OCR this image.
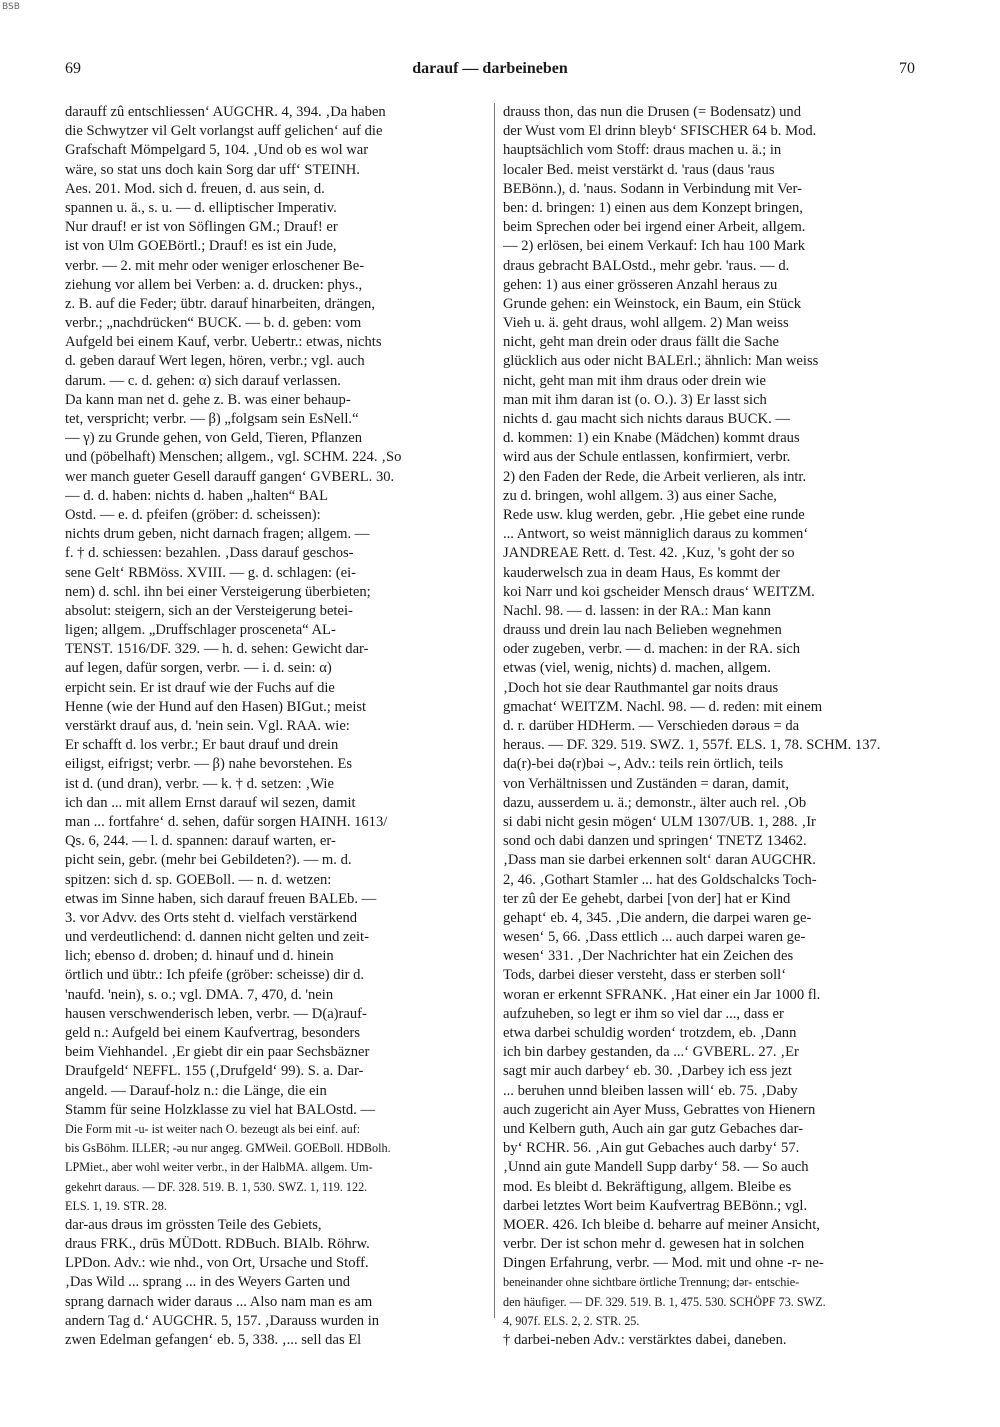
BSB
69	darauf — darbeineben	70
darauff zû entschliessen‘ AUGCHR. 4, 394. ‚Da haben
die Schwytzer vil Gelt vorlangst auff gelichen‘ auf die
Grafschaft Mömpelgard 5, 104. ‚Und ob es wol war
wäre, so stat uns doch kain Sorg dar uff‘ STEINH.
Aes. 201. Mod. sich d. freuen, d. aus sein, d.
spannen u. ä., s. u. — d. elliptischer Imperativ.
Nur drauf! er ist von Söflingen GM.; Drauf! er
ist von Ulm GOEBörtl.; Drauf! es ist ein Jude,
verbr. — 2. mit mehr oder weniger erloschener Be-
ziehung vor allem bei Verben: a. d. drucken: phys.,
z. B. auf die Feder; übtr. darauf hinarbeiten, drängen,
verbr.; „nachdrücken“ BUCK. — b. d. geben: vom
Aufgeld bei einem Kauf, verbr. Uebertr.: etwas, nichts
d. geben darauf Wert legen, hören, verbr.; vgl. auch
darum. — c. d. gehen: α) sich darauf verlassen.
Da kann man net d. gehe z. B. was einer behaup-
tet, verspricht; verbr. — β) „folgsam sein EsNell.“
— γ) zu Grunde gehen, von Geld, Tieren, Pflanzen
und (pöbelhaft) Menschen; allgem., vgl. SCHM. 224. ‚So
wer manch gueter Gesell darauff gangen‘ GVBERL. 30.
— d. d. haben: nichts d. haben „halten“ BAL
Ostd. — e. d. pfeifen (gröber: d. scheissen):
nichts drum geben, nicht darnach fragen; allgem. —
f. † d. schiessen: bezahlen. ‚Dass darauf geschos-
sene Gelt‘ RBMöss. XVIII. — g. d. schlagen: (ei-
nem) d. schl. ihn bei einer Versteigerung überbieten;
absolut: steigern, sich an der Versteigerung betei-
ligen; allgem. „Druffschlager prosceneta“ AL-
TENST. 1516/DF. 329. — h. d. sehen: Gewicht dar-
auf legen, dafür sorgen, verbr. — i. d. sein: α)
erpicht sein. Er ist drauf wie der Fuchs auf die
Henne (wie der Hund auf den Hasen) BIGut.; meist
verstärkt drauf aus, d. 'nein sein. Vgl. RAA. wie:
Er schafft d. los verbr.; Er baut drauf und drein
eiligst, eifrigst; verbr. — β) nahe bevorstehen. Es
ist d. (und dran), verbr. — k. † d. setzen: ‚Wie
ich dan ... mit allem Ernst darauf wil sezen, damit
man ... fortfahre‘ d. sehen, dafür sorgen HAINH. 1613/
Qs. 6, 244. — l. d. spannen: darauf warten, er-
picht sein, gebr. (mehr bei Gebildeten?). — m. d.
spitzen: sich d. sp. GOEBoll. — n. d. wetzen:
etwas im Sinne haben, sich darauf freuen BALEb. —
3. vor Advv. des Orts steht d. vielfach verstärkend
und verdeutlichend: d. dannen nicht gelten und zeit-
lich; ebenso d. droben; d. hinauf und d. hinein
örtlich und übtr.: Ich pfeife (gröber: scheisse) dir d.
'naufd. 'nein), s. o.; vgl. DMA. 7, 470, d. 'nein
hausen verschwenderisch leben, verbr. — D(a)rauf-
geld n.: Aufgeld bei einem Kaufvertrag, besonders
beim Viehhandel. ‚Er giebt dir ein paar Sechsbäzner
Draufgeld‘ NEFFL. 155 (‚Drufgeld‘ 99). S. a. Dar-
angeld. — Darauf-holz n.: die Länge, die ein
Stamm für seine Holzklasse zu viel hat BALOstd. —
Die Form mit -u- ist weiter nach O. bezeugt als bei einf. auf:
bis GsBöhm. ILLER; -əu nur angeg. GMWeil. GOEBoll. HDBolh.
LPMiet., aber wohl weiter verbr., in der HalbMA. allgem. Um-
gekehrt daraus. — DF. 328. 519. B. 1, 530. SWZ. 1, 119. 122.
ELS. 1, 19. STR. 28.
dar-aus drəus im grössten Teile des Gebiets,
draus FRK., drūs MÜDott. RDBuch. BIAlb. Röhrw.
LPDon. Adv.: wie nhd., von Ort, Ursache und Stoff.
‚Das Wild ... sprang ... in des Weyers Garten und
sprang darnach wider daraus ... Also nam man es am
andern Tag d.‘ AUGCHR. 5, 157. ‚Darauss wurden in
zwen Edelman gefangen‘ eb. 5, 338. ‚... sell das El
drauss thon, das nun die Drusen (= Bodensatz) und
der Wust vom El drinn bleyb‘ SFISCHER 64 b. Mod.
hauptsächlich vom Stoff: draus machen u. ä.; in
localer Bed. meist verstärkt d. 'raus (daus 'raus
BEBönn.), d. 'naus. Sodann in Verbindung mit Ver-
ben: d. bringen: 1) einen aus dem Konzept bringen,
beim Sprechen oder bei irgend einer Arbeit, allgem.
— 2) erlösen, bei einem Verkauf: Ich hau 100 Mark
draus gebracht BALOstd., mehr gebr. 'raus. — d.
gehen: 1) aus einer grösseren Anzahl heraus zu
Grunde gehen: ein Weinstock, ein Baum, ein Stück
Vieh u. ä. geht draus, wohl allgem. 2) Man weiss
nicht, geht man drein oder draus fällt die Sache
glücklich aus oder nicht BALErl.; ähnlich: Man weiss
nicht, geht man mit ihm draus oder drein wie
man mit ihm daran ist (o. O.). 3) Er lasst sich
nichts d. gau macht sich nichts daraus BUCK. —
d. kommen: 1) ein Knabe (Mädchen) kommt draus
wird aus der Schule entlassen, konfirmiert, verbr.
2) den Faden der Rede, die Arbeit verlieren, als intr.
zu d. bringen, wohl allgem. 3) aus einer Sache,
Rede usw. klug werden, gebr. ‚Hie gebet eine runde
... Antwort, so weist männiglich daraus zu kommen‘
JANDREAE Rett. d. Test. 42. ‚Kuz, 's goht der so
kauderwelsch zua in deam Haus, Es kommt der
koi Narr und koi gscheider Mensch draus‘ WEITZM.
Nachl. 98. — d. lassen: in der RA.: Man kann
drauss und drein lau nach Belieben wegnehmen
oder zugeben, verbr. — d. machen: in der RA. sich
etwas (viel, wenig, nichts) d. machen, allgem.
‚Doch hot sie dear Rauthmantel gar noits draus
gmachat‘ WEITZM. Nachl. 98. — d. reden: mit einem
d. r. darüber HDHerm. — Verschieden dərəus = da
heraus. — DF. 329. 519. SWZ. 1, 557f. ELS. 1, 78. SCHM. 137.
da(r)-bei də(r)bəi ⌣, Adv.: teils rein örtlich, teils
von Verhältnissen und Zuständen = daran, damit,
dazu, ausserdem u. ä.; demonstr., älter auch rel. ‚Ob
si dabi nicht gesin mögen‘ ULM 1307/UB. 1, 288. ‚Ir
sond och dabi danzen und springen‘ TNETZ 13462.
‚Dass man sie darbei erkennen solt‘ daran AUGCHR.
2, 46. ‚Gothart Stamler ... hat des Goldschalcks Toch-
ter zû der Ee gehebt, darbei [von der] hat er Kind
gehapt‘ eb. 4, 345. ‚Die andern, die darpei waren ge-
wesen‘ 5, 66. ‚Dass ettlich ... auch darpei waren ge-
wesen‘ 331. ‚Der Nachrichter hat ein Zeichen des
Tods, darbei dieser versteht, dass er sterben soll‘
woran er erkennt SFRANK. ‚Hat einer ein Jar 1000 fl.
aufzuheben, so legt er ihm so viel dar ..., dass er
etwa darbei schuldig worden‘ trotzdem, eb. ‚Dann
ich bin darbey gestanden, da ...‘ GVBERL. 27. ‚Er
sagt mir auch darbey‘ eb. 30. ‚Darbey ich ess jezt
... beruhen unnd bleiben lassen will‘ eb. 75. ‚Daby
auch zugericht ain Ayer Muss, Gebrattes von Hienern
und Kelbern guth, Auch ain gar gutz Gebaches dar-
by‘ RCHR. 56. ‚Ain gut Gebaches auch darby‘ 57.
‚Unnd ain gute Mandell Supp darby‘ 58. — So auch
mod. Es bleibt d. Bekräftigung, allgem. Bleibe es
darbei letztes Wort beim Kaufvertrag BEBönn.; vgl.
MOER. 426. Ich bleibe d. beharre auf meiner Ansicht,
verbr. Der ist schon mehr d. gewesen hat in solchen
Dingen Erfahrung, verbr. — Mod. mit und ohne -r- ne-
beneinander ohne sichtbare örtliche Trennung; dər- entschie-
den häufiger. — DF. 329. 519. B. 1, 475. 530. SCHÖPF 73. SWZ.
4, 907f. ELS. 2, 2. STR. 25.
† darbei-neben Adv.: verstärktes dabei, daneben.
